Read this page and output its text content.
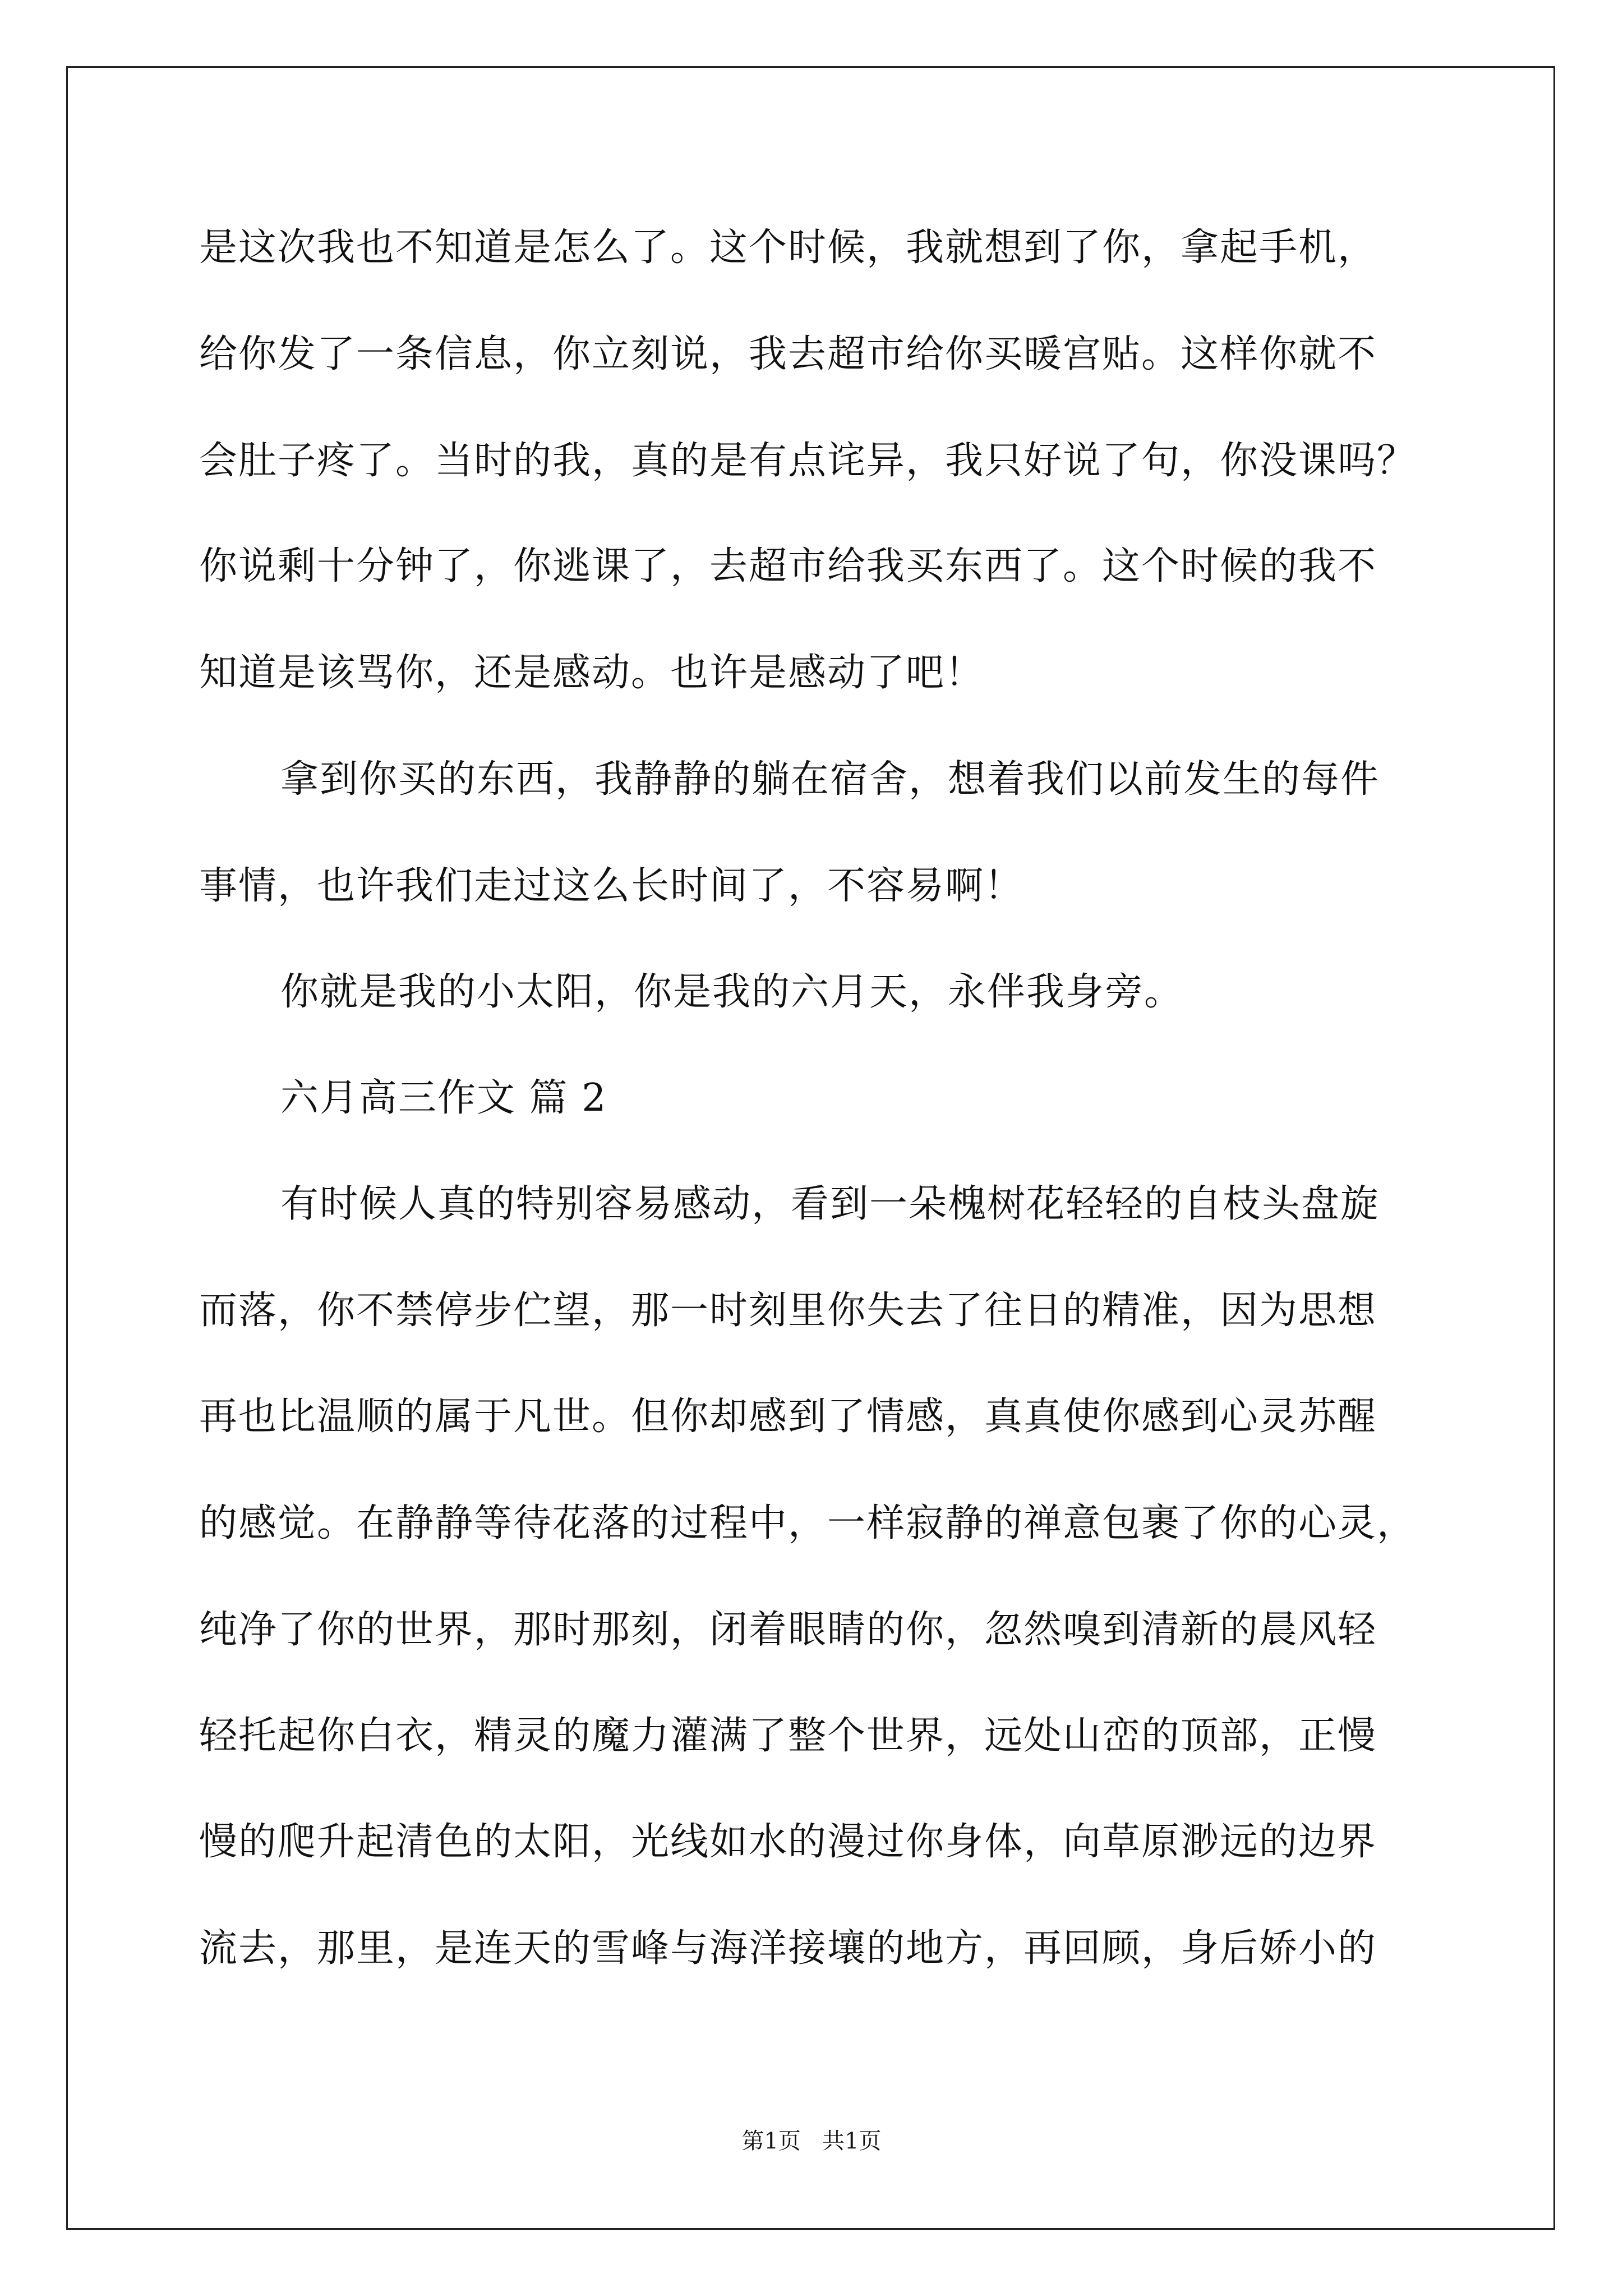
是这次我也不知道是怎么了。这个时候，我就想到了你，拿起手机，
给你发了一条信息，你立刻说，我去超市给你买暖宫贴。这样你就不
会肚子疼了。当时的我，真的是有点诧异，我只好说了句，你没课吗？
你说剩十分钟了，你逃课了，去超市给我买东西了。这个时候的我不
知道是该骂你，还是感动。也许是感动了吧！
拿到你买的东西，我静静的躺在宿舍，想着我们以前发生的每件
事情，也许我们走过这么长时间了，不容易啊！
你就是我的小太阳，你是我的六月天，永伴我身旁。
六月高三作文 篇 2
有时候人真的特别容易感动，看到一朵槐树花轻轻的自枝头盘旋
而落，你不禁停步伫望，那一时刻里你失去了往日的精准，因为思想
再也比温顺的属于凡世。但你却感到了情感，真真使你感到心灵苏醒
的感觉。在静静等待花落的过程中，一样寂静的禅意包裹了你的心灵，
纯净了你的世界，那时那刻，闭着眼睛的你，忽然嗅到清新的晨风轻
轻托起你白衣，精灵的魔力灌满了整个世界，远处山峦的顶部，正慢
慢的爬升起清色的太阳，光线如水的漫过你身体，向草原渺远的边界
流去，那里，是连天的雪峰与海洋接壤的地方，再回顾，身后娇小的
第1页   共1页
